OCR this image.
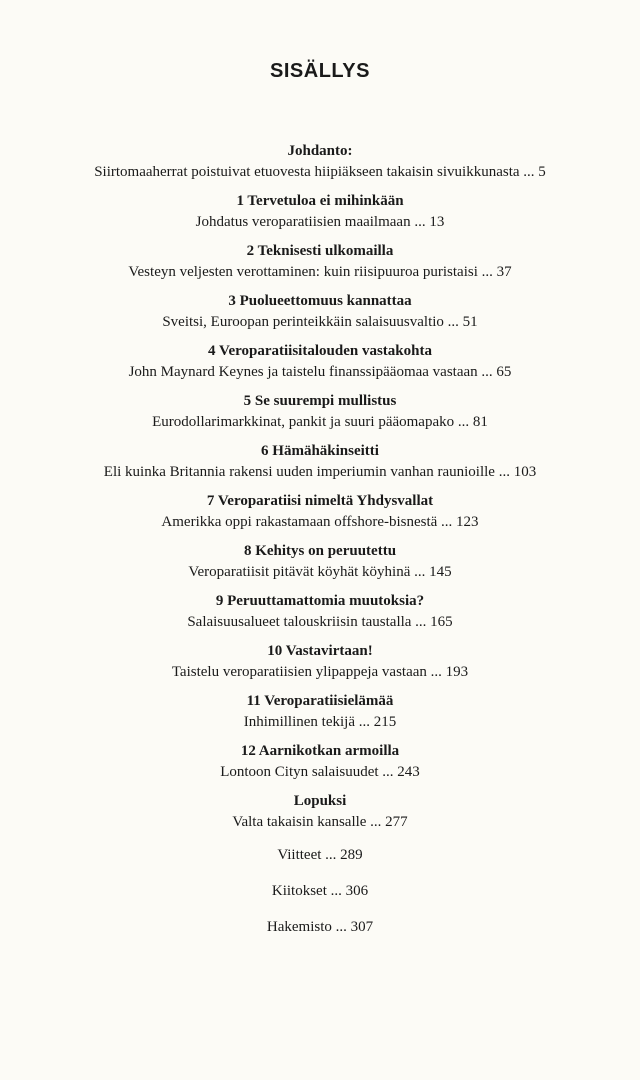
SISÄLLYS
Johdanto:
Siirtomaaherrat poistuivat etuovesta hiipiäkseen takaisin sivuikkunasta ... 5
1 Tervetuloa ei mihinkään
Johdatus veroparatiisien maailmaan ... 13
2 Teknisesti ulkomailla
Vesteyn veljesten verottaminen: kuin riisipuuroa puristaisi ... 37
3 Puolueettomuus kannattaa
Sveitsi, Euroopan perinteikkäin salaisuusvaltio ... 51
4 Veroparatiisitalouden vastakohta
John Maynard Keynes ja taistelu finanssipääomaa vastaan ... 65
5 Se suurempi mullistus
Eurodollarimarkkinat, pankit ja suuri pääomapako ... 81
6 Hämähäkinseitti
Eli kuinka Britannia rakensi uuden imperiumin vanhan raunioille ... 103
7 Veroparatiisi nimeltä Yhdysvallat
Amerikka oppi rakastamaan offshore-bisnestä ... 123
8 Kehitys on peruutettu
Veroparatiisit pitävät köyhät köyhinä ... 145
9 Peruuttamattomia muutoksia?
Salaisuusalueet talouskriisin taustalla ... 165
10 Vastavirtaan!
Taistelu veroparatiisien ylipappeja vastaan ... 193
11 Veroparatiisielämää
Inhimillinen tekijä ... 215
12 Aarnikotkan armoilla
Lontoon Cityn salaisuudet ... 243
Lopuksi
Valta takaisin kansalle ... 277
Viitteet ... 289
Kiitokset ... 306
Hakemisto ... 307
